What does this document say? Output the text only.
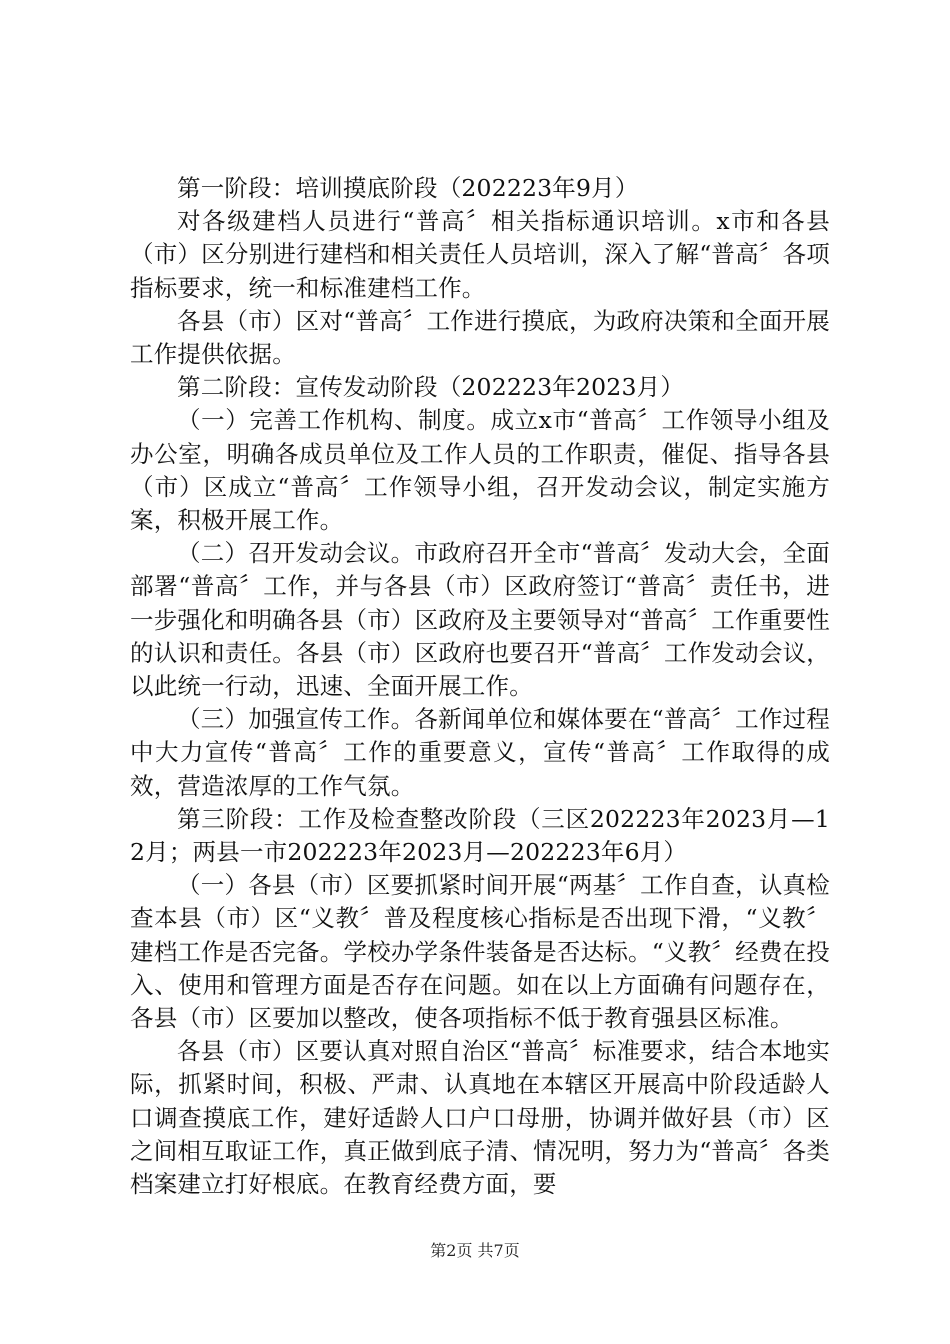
第一阶段：培训摸底阶段（202223年9月）

对各级建档人员进行“普高〞相关指标通识培训。x市和各县（市）区分别进行建档和相关责任人员培训，深入了解“普高〞各项指标要求，统一和标准建档工作。

各县（市）区对“普高〞工作进行摸底，为政府决策和全面开展工作提供依据。

第二阶段：宣传发动阶段（202223年2023月）

（一）完善工作机构、制度。成立x市“普高〞工作领导小组及办公室，明确各成员单位及工作人员的工作职责，催促、指导各县（市）区成立“普高〞工作领导小组，召开发动会议，制定实施方案，积极开展工作。

（二）召开发动会议。市政府召开全市“普高〞发动大会，全面部署“普高〞工作，并与各县（市）区政府签订“普高〞责任书，进一步强化和明确各县（市）区政府及主要领导对“普高〞工作重要性的认识和责任。各县（市）区政府也要召开“普高〞工作发动会议，以此统一行动，迅速、全面开展工作。

（三）加强宣传工作。各新闻单位和媒体要在“普高〞工作过程中大力宣传“普高〞工作的重要意义，宣传“普高〞工作取得的成效，营造浓厚的工作气氛。

第三阶段：工作及检查整改阶段（三区202223年2023月—12月；两县一市202223年2023月—202223年6月）

（一）各县（市）区要抓紧时间开展“两基〞工作自查，认真检查本县（市）区“义教〞普及程度核心指标是否出现下滑，“义教〞建档工作是否完备。学校办学条件装备是否达标。“义教〞经费在投入、使用和管理方面是否存在问题。如在以上方面确有问题存在，各县（市）区要加以整改，使各项指标不低于教育强县区标准。

各县（市）区要认真对照自治区“普高〞标准要求，结合本地实际，抓紧时间，积极、严肃、认真地在本辖区开展高中阶段适龄人口调查摸底工作，建好适龄人口户口母册，协调并做好县（市）区之间相互取证工作，真正做到底子清、情况明，努力为“普高〞各类档案建立打好根底。在教育经费方面，要

第2页 共7页
